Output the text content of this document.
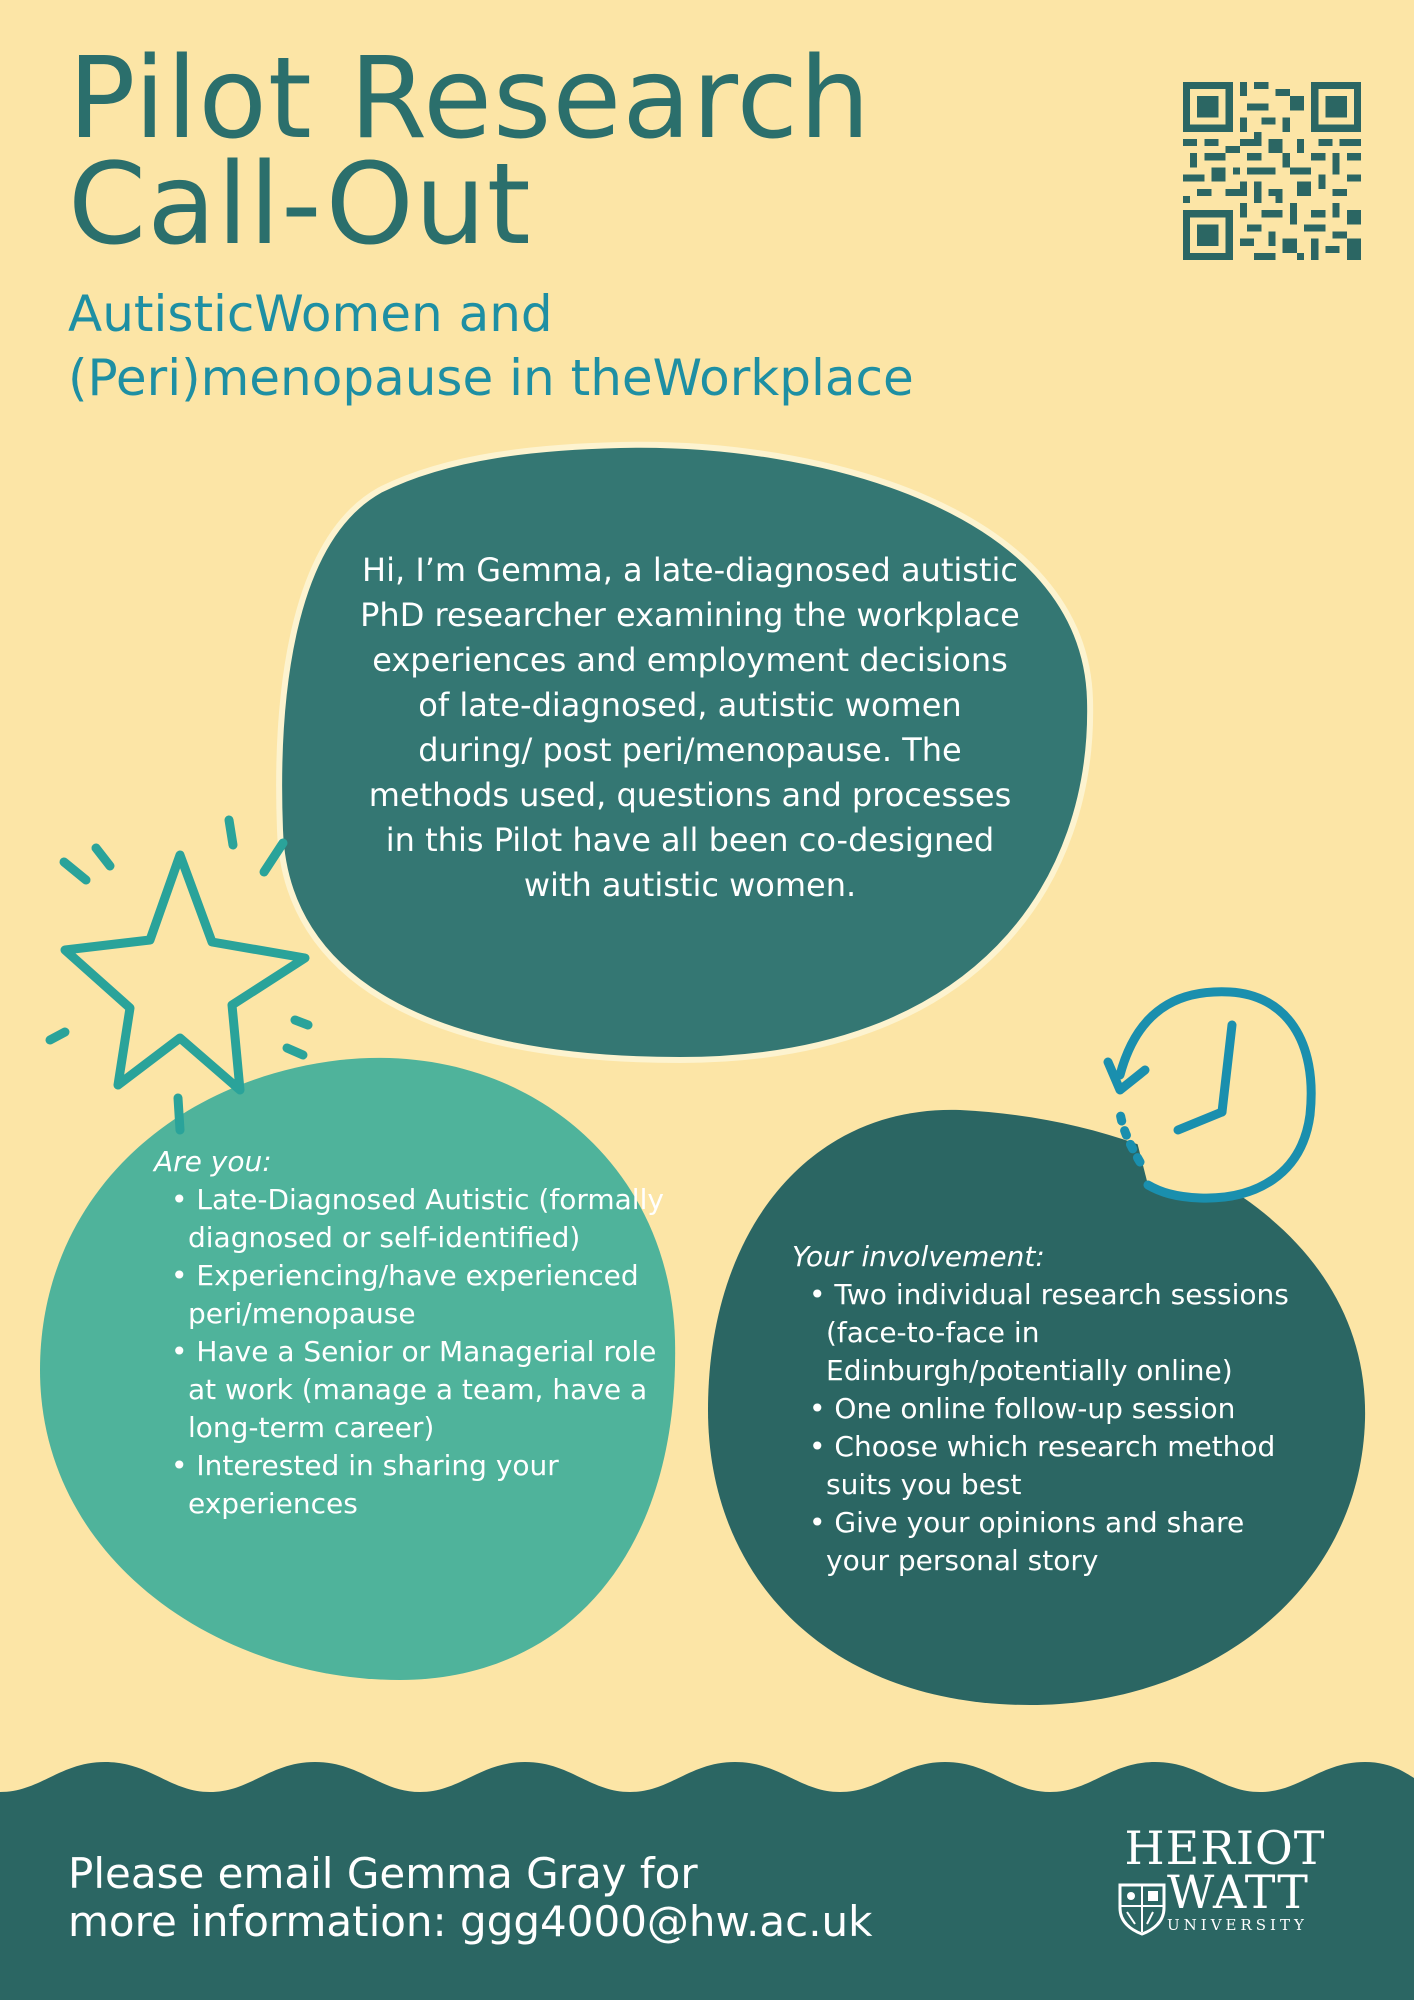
Pilot Research
Call-Out
AutisticWomen and
(Peri)menopause in theWorkplace

Hi, I’m Gemma, a late-diagnosed autistic PhD researcher examining the workplace experiences and employment decisions of late-diagnosed, autistic women during/ post peri/menopause. The methods used, questions and processes in this Pilot have all been co-designed with autistic women.

Are you:
• Late-Diagnosed Autistic (formally diagnosed or self-identified)
• Experiencing/have experienced peri/menopause
• Have a Senior or Managerial role at work (manage a team, have a long-term career)
• Interested in sharing your experiences
Your involvement:
• Two individual research sessions (face-to-face in Edinburgh/potentially online)
• One online follow-up session
• Choose which research method suits you best
• Give your opinions and share your personal story

Please email Gemma Gray for
more information: ggg4000@hw.ac.uk

HERIOT
WATT
UNIVERSITY
